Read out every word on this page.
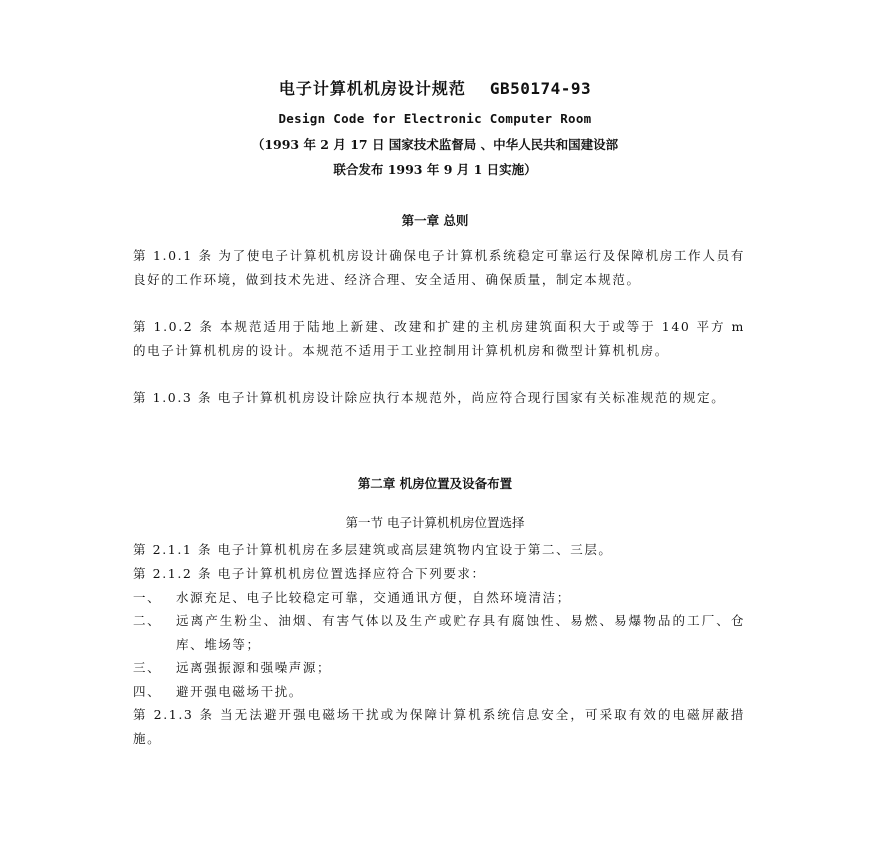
电子计算机机房设计规范 GB50174-93
Design Code for Electronic Computer Room
（1993 年 2 月 17 日 国家技术监督局 、中华人民共和国建设部
联合发布 1993 年 9 月 1 日实施）
第一章 总则

第 1.0.1 条 为了使电子计算机机房设计确保电子计算机系统稳定可靠运行及保障机房工作人员有良好的工作环境，做到技术先进、经济合理、安全适用、确保质量，制定本规范。

第 1.0.2 条 本规范适用于陆地上新建、改建和扩建的主机房建筑面积大于或等于 140 平方 m 的电子计算机机房的设计。本规范不适用于工业控制用计算机机房和微型计算机机房。

第 1.0.3 条 电子计算机机房设计除应执行本规范外，尚应符合现行国家有关标准规范的规定。

第二章 机房位置及设备布置
第一节 电子计算机机房位置选择

第 2.1.1 条 电子计算机机房在多层建筑或高层建筑物内宜设于第二、三层。

第 2.1.2 条 电子计算机机房位置选择应符合下列要求：

一、	水源充足、电子比较稳定可靠，交通通讯方便，自然环境清洁；
二、	远离产生粉尘、油烟、有害气体以及生产或贮存具有腐蚀性、易燃、易爆物品的工厂、仓库、堆场等；
三、	远离强振源和强噪声源；
四、	避开强电磁场干扰。

第 2.1.3 条 当无法避开强电磁场干扰或为保障计算机系统信息安全，可采取有效的电磁屏蔽措施。
